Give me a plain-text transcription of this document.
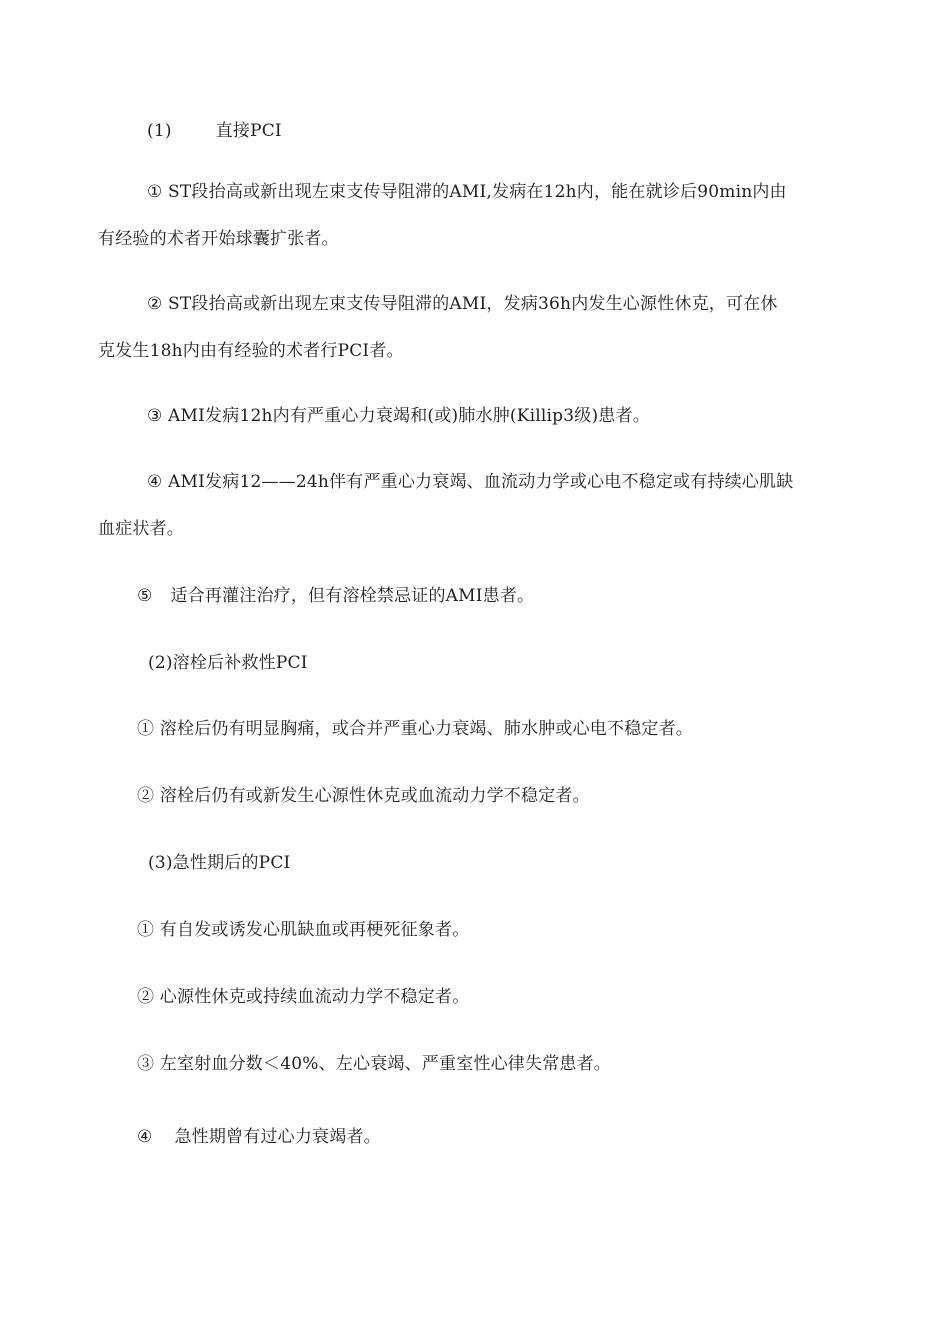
(1)	直接PCI
① ST段抬高或新出现左束支传导阻滞的AMI,发病在12h内，能在就诊后90min内由
有经验的术者开始球囊扩张者。
② ST段抬高或新出现左束支传导阻滞的AMI，发病36h内发生心源性休克，可在休
克发生18h内由有经验的术者行PCI者。
③ AMI发病12h内有严重心力衰竭和(或)肺水肿(Killip3级)患者。
④ AMI发病12——24h伴有严重心力衰竭、血流动力学或心电不稳定或有持续心肌缺
血症状者。
⑤ 适合再灌注治疗，但有溶栓禁忌证的AMI患者。
(2)溶栓后补救性PCI
① 溶栓后仍有明显胸痛，或合并严重心力衰竭、肺水肿或心电不稳定者。
② 溶栓后仍有或新发生心源性休克或血流动力学不稳定者。
(3)急性期后的PCI
① 有自发或诱发心肌缺血或再梗死征象者。
② 心源性休克或持续血流动力学不稳定者。
③ 左室射血分数＜40%、左心衰竭、严重室性心律失常患者。
④ 急性期曾有过心力衰竭者。
